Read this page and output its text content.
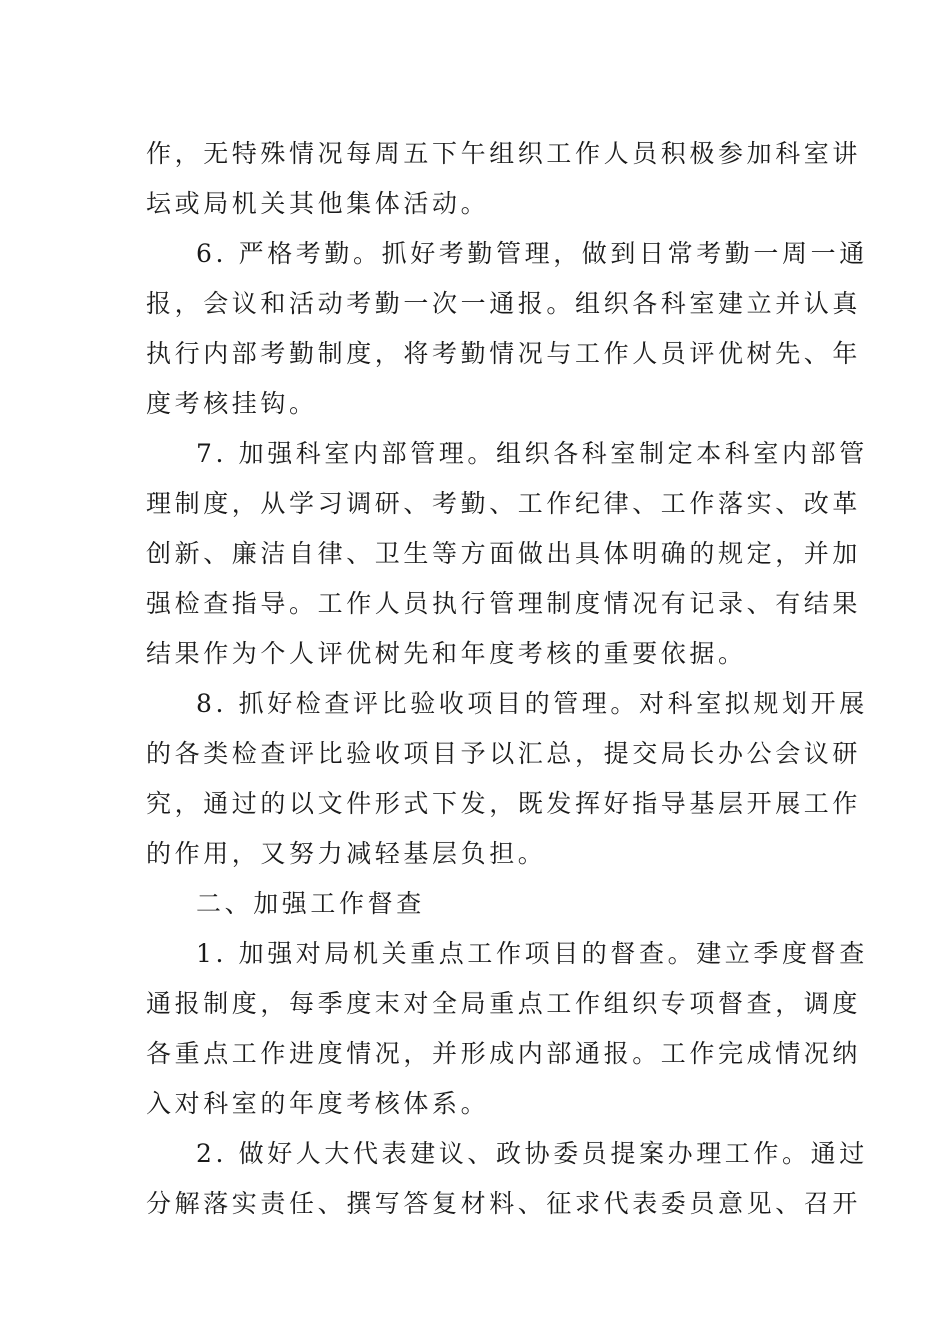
作，无特殊情况每周五下午组织工作人员积极参加科室讲
坛或局机关其他集体活动。
6. 严格考勤。抓好考勤管理，做到日常考勤一周一通
报，会议和活动考勤一次一通报。组织各科室建立并认真
执行内部考勤制度，将考勤情况与工作人员评优树先、年
度考核挂钩。
7. 加强科室内部管理。组织各科室制定本科室内部管
理制度，从学习调研、考勤、工作纪律、工作落实、改革
创新、廉洁自律、卫生等方面做出具体明确的规定，并加
强检查指导。工作人员执行管理制度情况有记录、有结果
结果作为个人评优树先和年度考核的重要依据。
8. 抓好检查评比验收项目的管理。对科室拟规划开展
的各类检查评比验收项目予以汇总，提交局长办公会议研
究，通过的以文件形式下发，既发挥好指导基层开展工作
的作用，又努力减轻基层负担。
二、加强工作督查
1. 加强对局机关重点工作项目的督查。建立季度督查
通报制度，每季度末对全局重点工作组织专项督查，调度
各重点工作进度情况，并形成内部通报。工作完成情况纳
入对科室的年度考核体系。
2. 做好人大代表建议、政协委员提案办理工作。通过
分解落实责任、撰写答复材料、征求代表委员意见、召开
